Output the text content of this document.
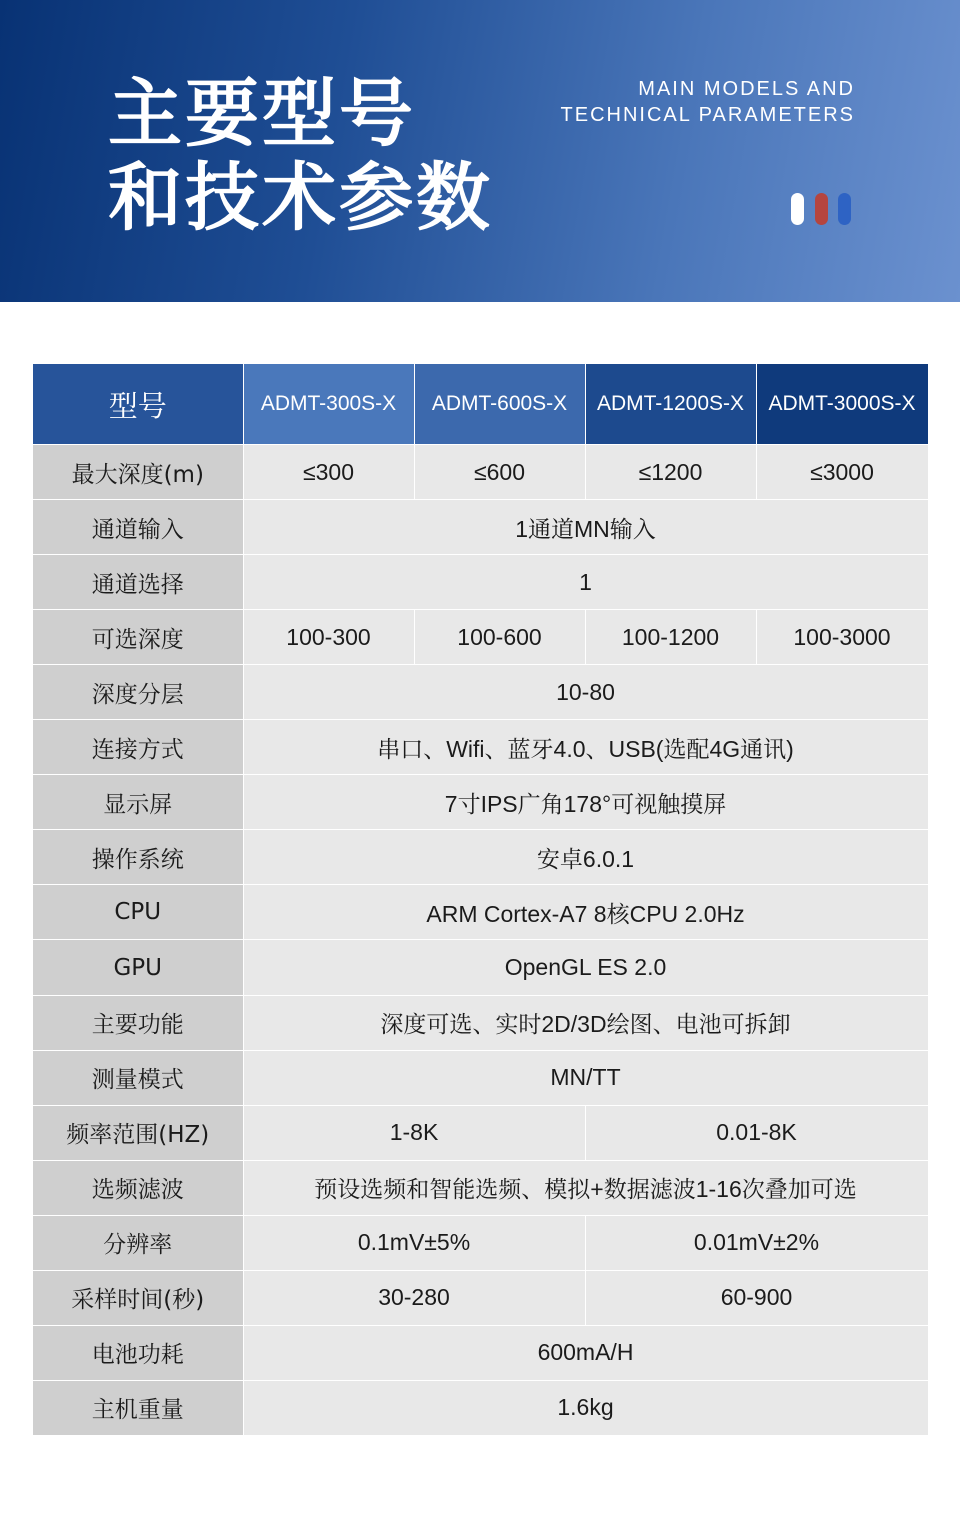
主要型号
和技术参数
MAIN MODELS AND
TECHNICAL PARAMETERS
型号	ADMT-300S-X	ADMT-600S-X	ADMT-1200S-X	ADMT-3000S-X
最大深度(m)	≤300	≤600	≤1200	≤3000
通道输入	1通道MN输入			
通道选择	1			
可选深度	100-300	100-600	100-1200	100-3000
深度分层	10-80			
连接方式	串口、Wifi、蓝牙4.0、USB(选配4G通讯)			
显示屏	7寸IPS广角178°可视触摸屏			
操作系统	安卓6.0.1			
CPU	ARM Cortex-A7 8核CPU 2.0Hz			
GPU	OpenGL ES 2.0			
主要功能	深度可选、实时2D/3D绘图、电池可拆卸			
测量模式	MN/TT			
频率范围(HZ)	1-8K		0.01-8K	
选频滤波	预设选频和智能选频、模拟+数据滤波1-16次叠加可选			
分辨率	0.1mV±5%		0.01mV±2%	
采样时间(秒)	30-280		60-900	
电池功耗	600mA/H			
主机重量	1.6kg			
